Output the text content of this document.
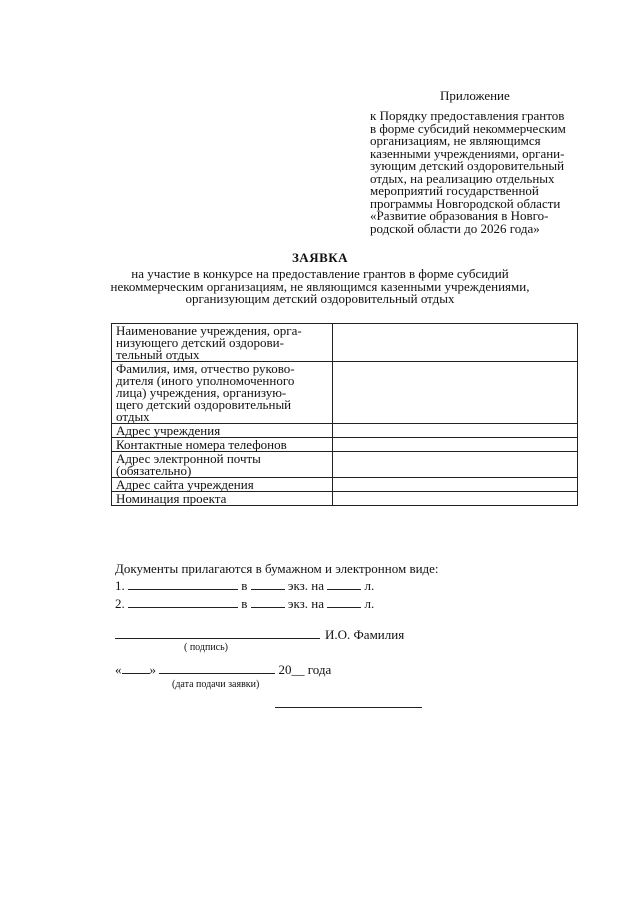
Приложение

к Порядку предоставления грантов
в форме субсидий некоммерческим
организациям, не являющимся
казенными учреждениями, органи-
зующим детский оздоровительный
отдых, на реализацию отдельных
мероприятий государственной
программы Новгородской области
«Развитие образования в Новго-
родской области до 2026 года»

ЗАЯВКА

на участие в конкурсе на предоставление грантов в форме субсидий
некоммерческим организациям, не являющимся казенными учреждениями,
организующим детский оздоровительный отдых

Наименование учреждения, орга-
низующего детский оздорови-
тельный отдых	

Фамилия, имя, отчество руково-
дителя (иного уполномоченного
лица) учреждения, организую-
щего детский оздоровительный
отдых	

Адрес учреждения	

Контактные номера телефонов	

Адрес электронной почты
(обязательно)	

Адрес сайта учреждения	

Номинация проекта	

Документы прилагаются в бумажном и электронном виде:

1.	в	экз. на	л.
2.	в	экз. на	л.
И.О. Фамилия
( подпись)
« »	20__ года
(дата подачи заявки)
